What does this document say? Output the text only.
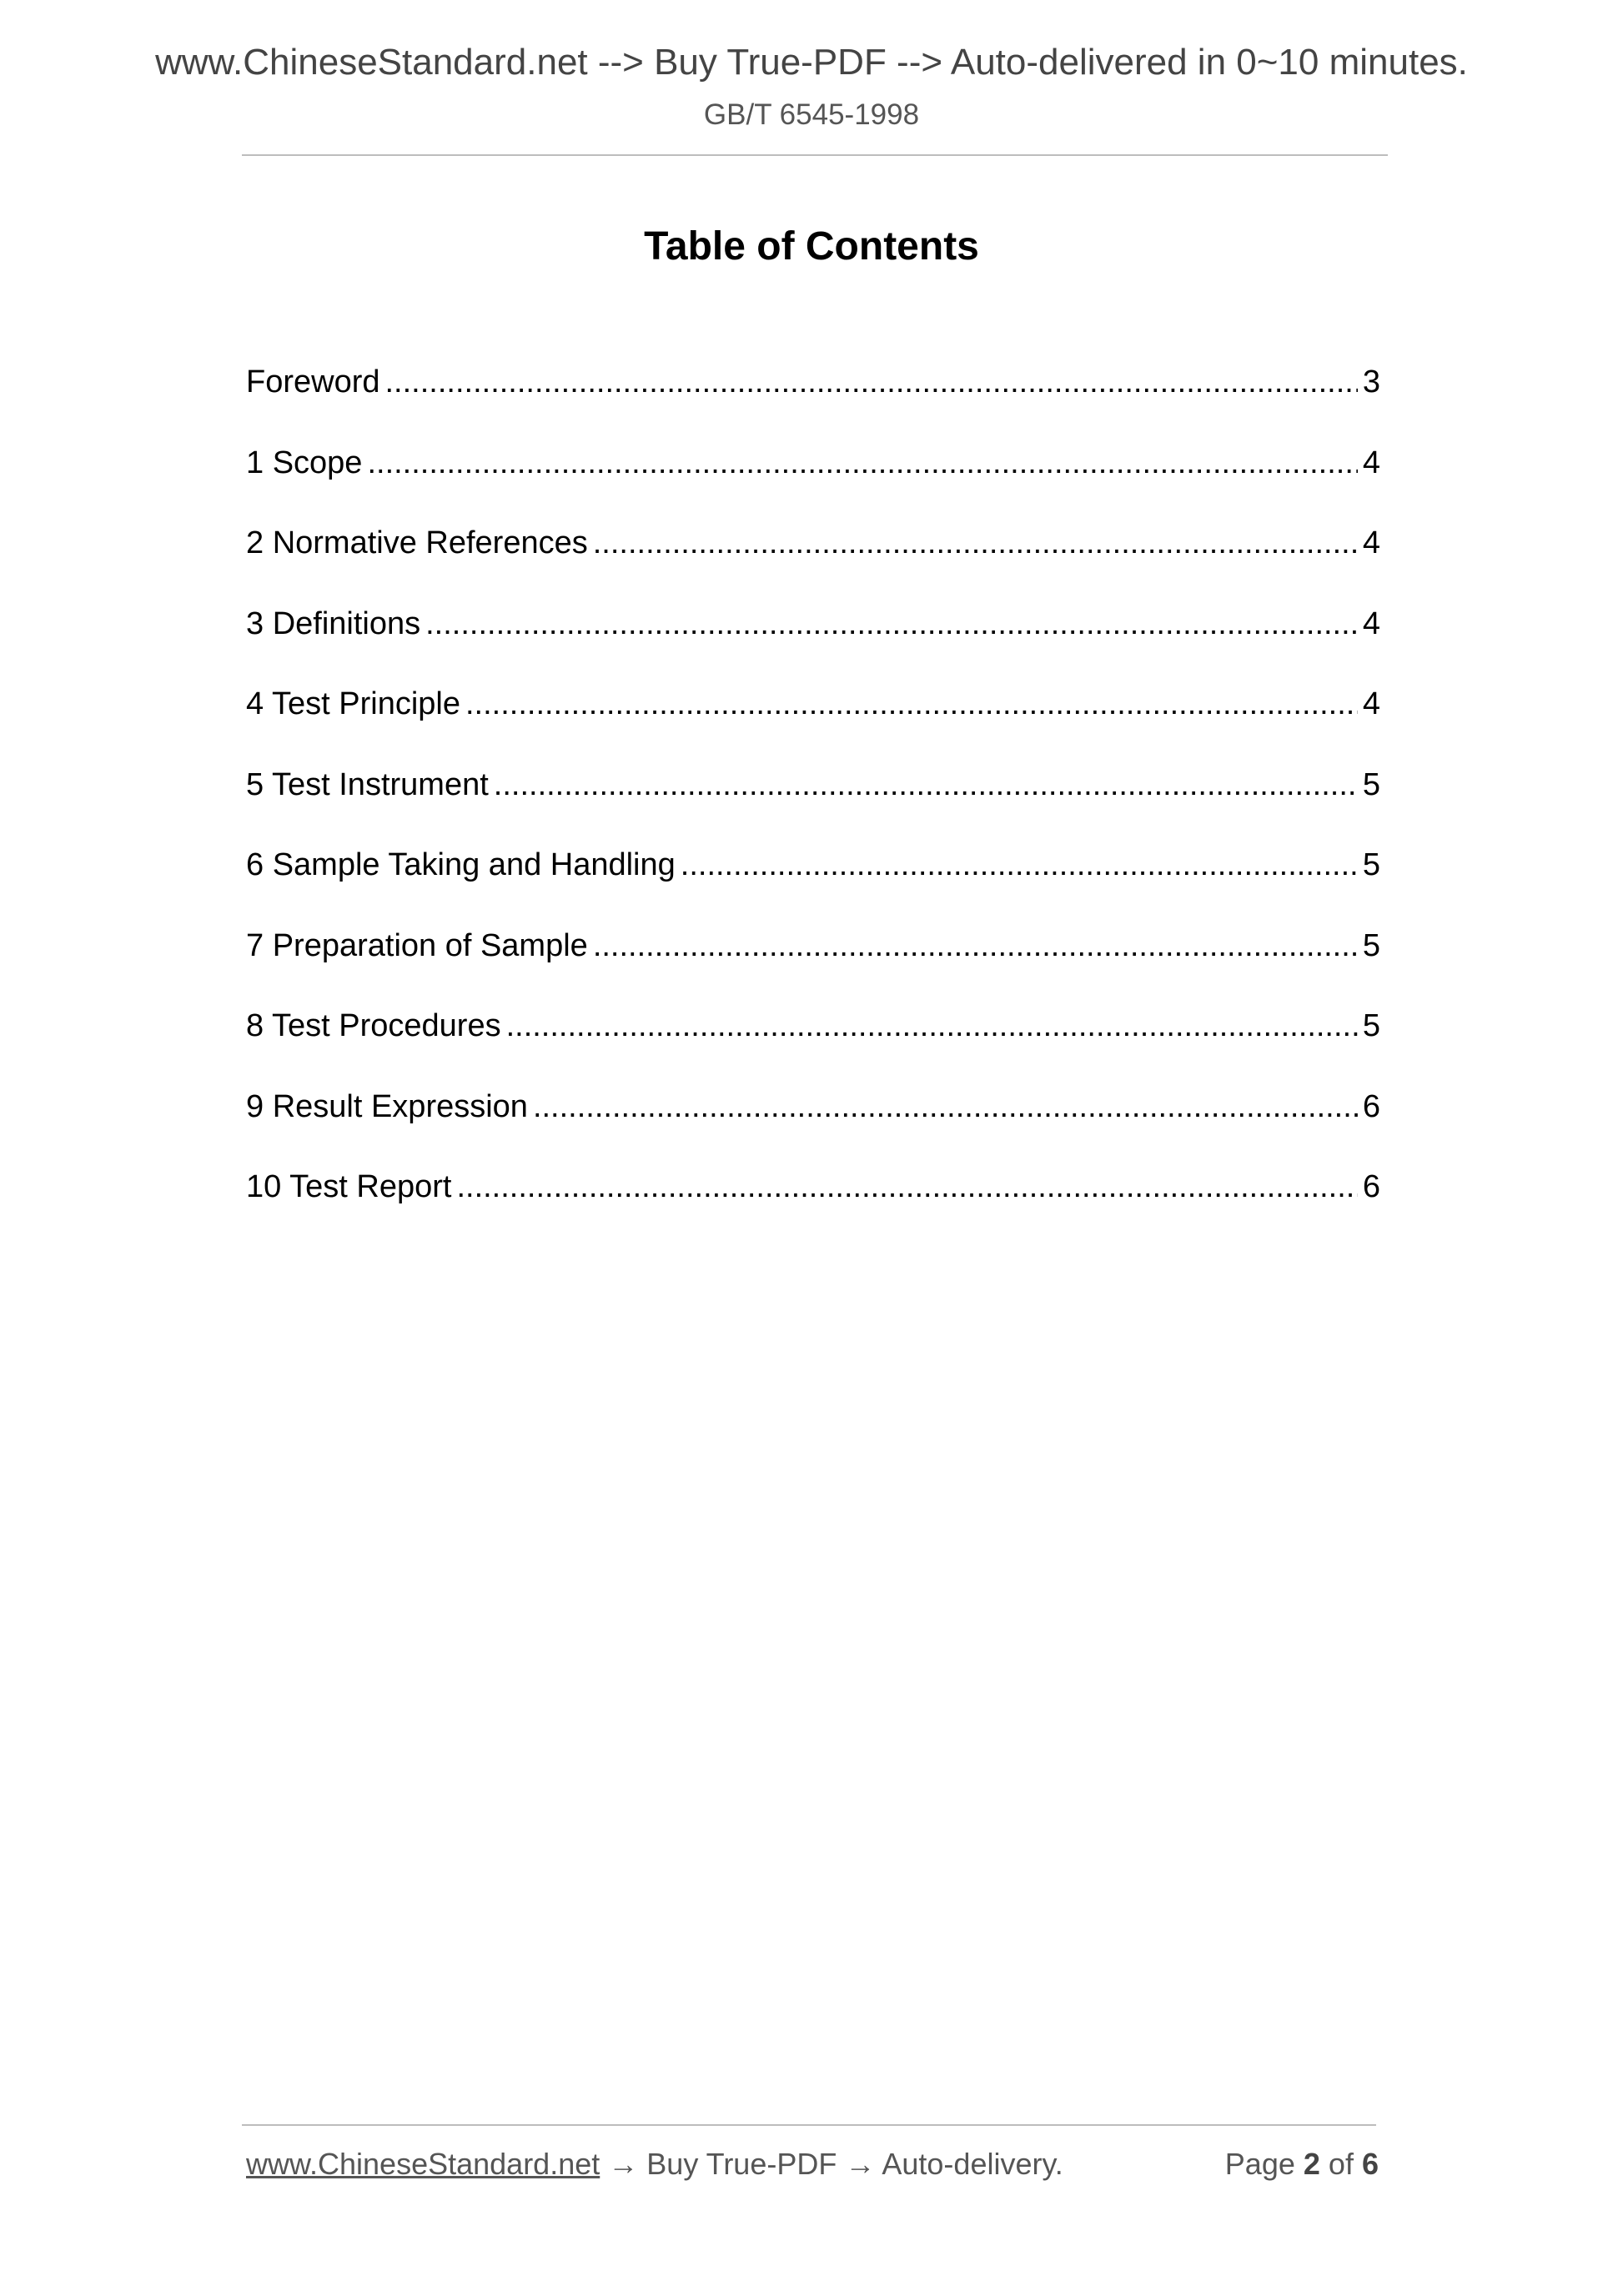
www.ChineseStandard.net --> Buy True-PDF --> Auto-delivered in 0~10 minutes.
GB/T 6545-1998
Table of Contents
Foreword .....	3
1 Scope .....	4
2 Normative References .....	4
3 Definitions .....	4
4 Test Principle .....	4
5 Test Instrument .....	5
6 Sample Taking and Handling .....	5
7 Preparation of Sample .....	5
8 Test Procedures .....	5
9 Result Expression .....	6
10 Test Report .....	6
www.ChineseStandard.net → Buy True-PDF → Auto-delivery.	Page 2 of 6
